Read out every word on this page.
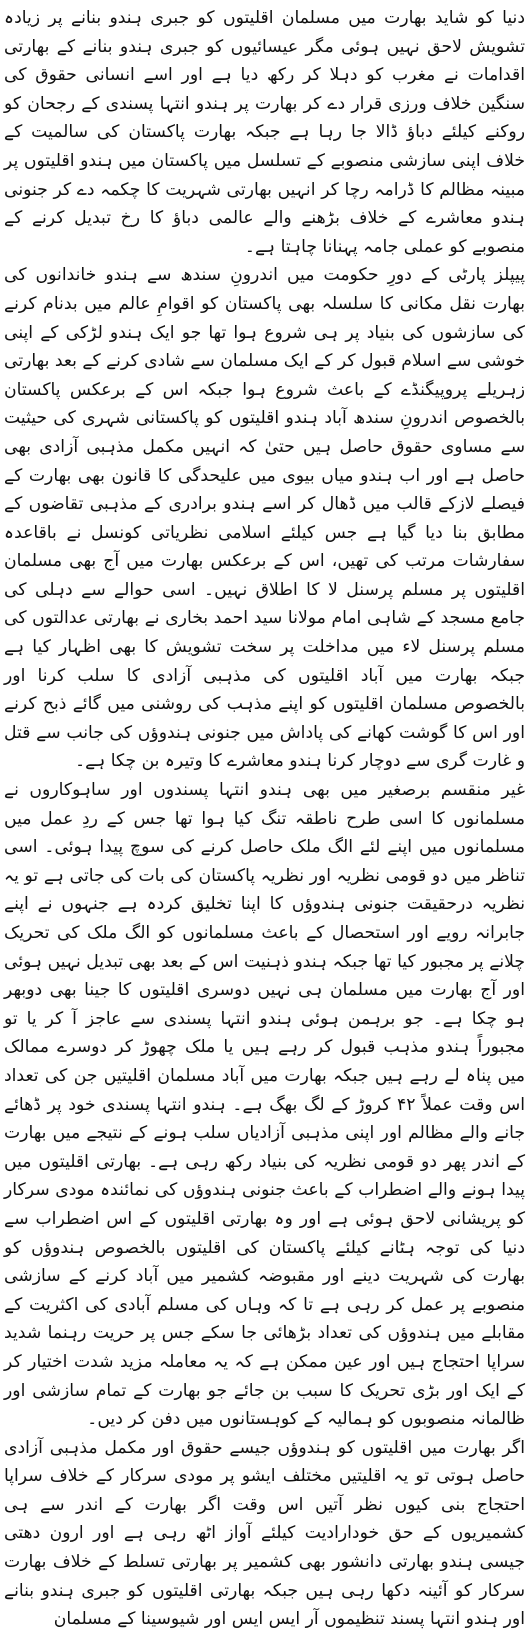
دنیا کو شاید بھارت میں مسلمان اقلیتوں کو جبری ہندو بنانے پر زیادہ تشویش لاحق نہیں ہوئی مگر عیسائیوں کو جبری ہندو بنانے کے بھارتی اقدامات نے مغرب کو دہلا کر رکھ دیا ہے اور اسے انسانی حقوق کی سنگین خلاف ورزی قرار دے کر بھارت پر ہندو انتہا پسندی کے رجحان کو روکنے کیلئے دباؤ ڈالا جا رہا ہے جبکہ بھارت پاکستان کی سالمیت کے خلاف اپنی سازشی منصوبے کے تسلسل میں پاکستان میں ہندو اقلیتوں پر مبینہ مظالم کا ڈرامہ رچا کر انہیں بھارتی شہریت کا چکمہ دے کر جنونی ہندو معاشرے کے خلاف بڑھنے والے عالمی دباؤ کا رخ تبدیل کرنے کے منصوبے کو عملی جامہ پہنانا چاہتا ہے۔

پیپلز پارٹی کے دورِ حکومت میں اندرونِ سندھ سے ہندو خاندانوں کی بھارت نقل مکانی کا سلسلہ بھی پاکستان کو اقوامِ عالم میں بدنام کرنے کی سازشوں کی بنیاد پر ہی شروع ہوا تھا جو ایک ہندو لڑکی کے اپنی خوشی سے اسلام قبول کر کے ایک مسلمان سے شادی کرنے کے بعد بھارتی زہریلے پروپیگنڈے کے باعث شروع ہوا جبکہ اس کے برعکس پاکستان بالخصوص اندرونِ سندھ آباد ہندو اقلیتوں کو پاکستانی شہری کی حیثیت سے مساوی حقوق حاصل ہیں حتیٰ کہ انہیں مکمل مذہبی آزادی بھی حاصل ہے اور اب ہندو میاں بیوی میں علیحدگی کا قانون بھی بھارت کے فیصلے لازکے قالب میں ڈھال کر اسے ہندو برادری کے مذہبی تقاضوں کے مطابق بنا دیا گیا ہے جس کیلئے اسلامی نظریاتی کونسل نے باقاعدہ سفارشات مرتب کی تھیں، اس کے برعکس بھارت میں آج بھی مسلمان اقلیتوں پر مسلم پرسنل لا کا اطلاق نہیں۔ اسی حوالے سے دہلی کی جامع مسجد کے شاہی امام مولانا سید احمد بخاری نے بھارتی عدالتوں کی مسلم پرسنل لاء میں مداخلت پر سخت تشویش کا بھی اظہار کیا ہے جبکہ بھارت میں آباد اقلیتوں کی مذہبی آزادی کا سلب کرنا اور بالخصوص مسلمان اقلیتوں کو اپنے مذہب کی روشنی میں گائے ذبح کرنے اور اس کا گوشت کھانے کی پاداش میں جنونی ہندوؤں کی جانب سے قتل و غارت گری سے دوچار کرنا ہندو معاشرے کا وتیرہ بن چکا ہے۔

غیر منقسم برصغیر میں بھی ہندو انتہا پسندوں اور ساہوکاروں نے مسلمانوں کا اسی طرح ناطقہ تنگ کیا ہوا تھا جس کے ردِ عمل میں مسلمانوں میں اپنے لئے الگ ملک حاصل کرنے کی سوچ پیدا ہوئی۔ اسی تناظر میں دو قومی نظریہ اور نظریہ پاکستان کی بات کی جاتی ہے تو یہ نظریہ درحقیقت جنونی ہندوؤں کا اپنا تخلیق کردہ ہے جنہوں نے اپنے جابرانہ رویے اور استحصال کے باعث مسلمانوں کو الگ ملک کی تحریک چلانے پر مجبور کیا تھا جبکہ ہندو ذہنیت اس کے بعد بھی تبدیل نہیں ہوئی اور آج بھارت میں مسلمان ہی نہیں دوسری اقلیتوں کا جینا بھی دوبھر ہو چکا ہے۔ جو برہمن ہوئی ہندو انتہا پسندی سے عاجز آ کر یا تو مجبوراً ہندو مذہب قبول کر رہے ہیں یا ملک چھوڑ کر دوسرے ممالک میں پناہ لے رہے ہیں جبکہ بھارت میں آباد مسلمان اقلیتیں جن کی تعداد اس وقت عملاً ۴۲ کروڑ کے لگ بھگ ہے۔ ہندو انتہا پسندی خود پر ڈھائے جانے والے مظالم اور اپنی مذہبی آزادیاں سلب ہونے کے نتیجے میں بھارت کے اندر پھر دو قومی نظریہ کی بنیاد رکھ رہی ہے۔ بھارتی اقلیتوں میں پیدا ہونے والے اضطراب کے باعث جنونی ہندوؤں کی نمائندہ مودی سرکار کو پریشانی لاحق ہوئی ہے اور وہ بھارتی اقلیتوں کے اس اضطراب سے دنیا کی توجہ ہٹانے کیلئے پاکستان کی اقلیتوں بالخصوص ہندوؤں کو بھارت کی شہریت دینے اور مقبوضہ کشمیر میں آباد کرنے کے سازشی منصوبے پر عمل کر رہی ہے تا کہ وہاں کی مسلم آبادی کی اکثریت کے مقابلے میں ہندوؤں کی تعداد بڑھائی جا سکے جس پر حریت رہنما شدید سراپا احتجاج ہیں اور عین ممکن ہے کہ یہ معاملہ مزید شدت اختیار کر کے ایک اور بڑی تحریک کا سبب بن جائے جو بھارت کے تمام سازشی اور ظالمانہ منصوبوں کو ہمالیہ کے کوہستانوں میں دفن کر دیں۔

اگر بھارت میں اقلیتوں کو ہندوؤں جیسے حقوق اور مکمل مذہبی آزادی حاصل ہوتی تو یہ اقلیتیں مختلف ایشو پر مودی سرکار کے خلاف سراپا احتجاج بنی کیوں نظر آتیں اس وقت اگر بھارت کے اندر سے ہی کشمیریوں کے حق خودارادیت کیلئے آواز اٹھ رہی ہے اور ارون دھتی جیسی ہندو بھارتی دانشور بھی کشمیر پر بھارتی تسلط کے خلاف بھارت سرکار کو آئینہ دکھا رہی ہیں جبکہ بھارتی اقلیتوں کو جبری ہندو بنانے اور ہندو انتہا پسند تنظیموں آر ایس ایس اور شیوسینا کے مسلمان
